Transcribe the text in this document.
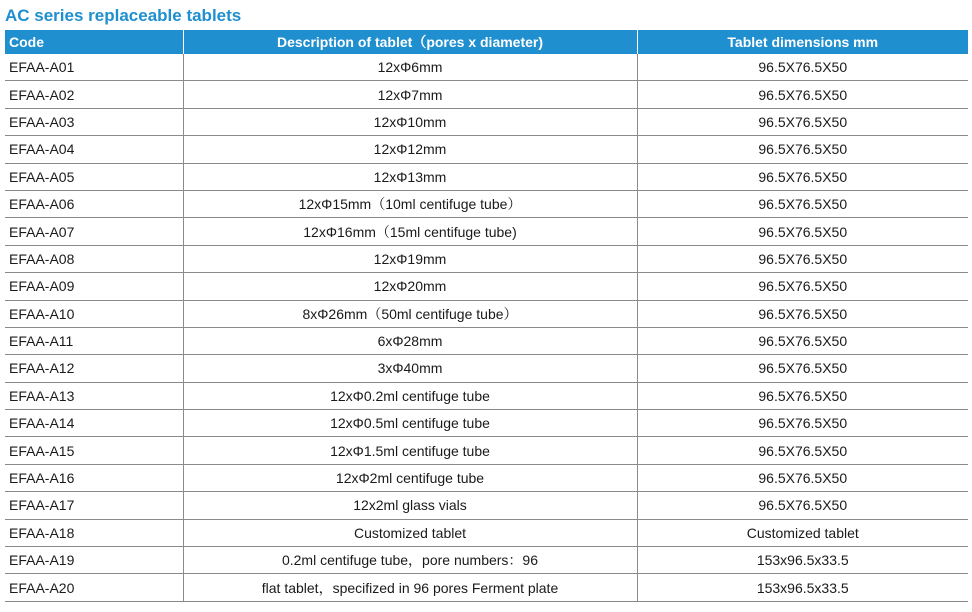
AC series replaceable tablets
Code	Description of tablet（pores x diameter)	Tablet dimensions mm
EFAA-A01	12xΦ6mm	96.5X76.5X50
EFAA-A02	12xΦ7mm	96.5X76.5X50
EFAA-A03	12xΦ10mm	96.5X76.5X50
EFAA-A04	12xΦ12mm	96.5X76.5X50
EFAA-A05	12xΦ13mm	96.5X76.5X50
EFAA-A06	12xΦ15mm（10ml centifuge tube）	96.5X76.5X50
EFAA-A07	12xΦ16mm（15ml centifuge tube)	96.5X76.5X50
EFAA-A08	12xΦ19mm	96.5X76.5X50
EFAA-A09	12xΦ20mm	96.5X76.5X50
EFAA-A10	8xΦ26mm（50ml centifuge tube）	96.5X76.5X50
EFAA-A11	6xΦ28mm	96.5X76.5X50
EFAA-A12	3xΦ40mm	96.5X76.5X50
EFAA-A13	12xΦ0.2ml centifuge tube	96.5X76.5X50
EFAA-A14	12xΦ0.5ml centifuge tube	96.5X76.5X50
EFAA-A15	12xΦ1.5ml centifuge tube	96.5X76.5X50
EFAA-A16	12xΦ2ml centifuge tube	96.5X76.5X50
EFAA-A17	12x2ml glass vials	96.5X76.5X50
EFAA-A18	Customized tablet	Customized tablet
EFAA-A19	0.2ml centifuge tube，pore numbers：96	153x96.5x33.5
EFAA-A20	flat tablet，specifized in 96 pores Ferment plate	153x96.5x33.5
